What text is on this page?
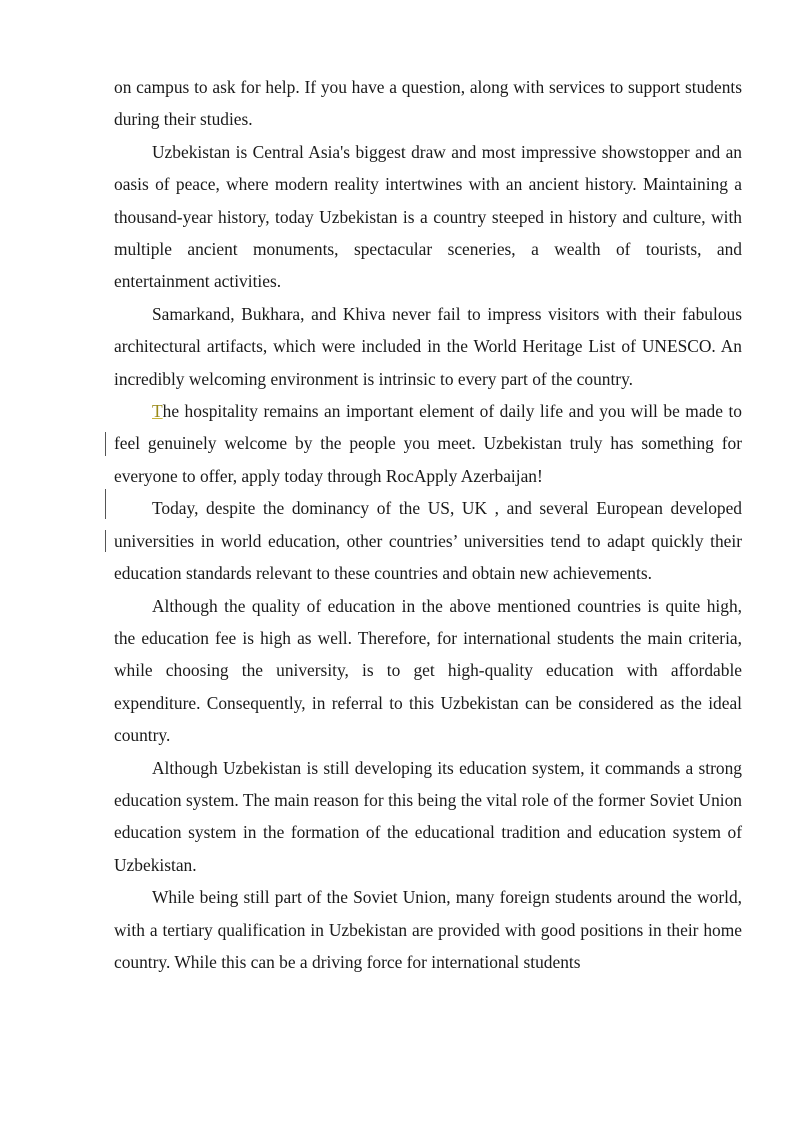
on campus to ask for help. If you have a question, along with services to support students during their studies.

Uzbekistan is Central Asia's biggest draw and most impressive showstopper and an oasis of peace, where modern reality intertwines with an ancient history. Maintaining a thousand-year history, today Uzbekistan is a country steeped in history and culture, with multiple ancient monuments, spectacular sceneries, a wealth of tourists, and entertainment activities.

Samarkand, Bukhara, and Khiva never fail to impress visitors with their fabulous architectural artifacts, which were included in the World Heritage List of UNESCO. An incredibly welcoming environment is intrinsic to every part of the country.

The hospitality remains an important element of daily life and you will be made to feel genuinely welcome by the people you meet. Uzbekistan truly has something for everyone to offer, apply today through RocApply Azerbaijan!

Today, despite the dominancy of the US, UK , and several European developed universities in world education, other countries’ universities tend to adapt quickly their education standards relevant to these countries and obtain new achievements.

Although the quality of education in the above mentioned countries is quite high, the education fee is high as well. Therefore, for international students the main criteria, while choosing the university, is to get high-quality education with affordable expenditure. Consequently, in referral to this Uzbekistan can be considered as the ideal country.

Although Uzbekistan is still developing its education system, it commands a strong education system. The main reason for this being the vital role of the former Soviet Union education system in the formation of the educational tradition and education system of Uzbekistan.

While being still part of the Soviet Union, many foreign students around the world, with a tertiary qualification in Uzbekistan are provided with good positions in their home country. While this can be a driving force for international students
